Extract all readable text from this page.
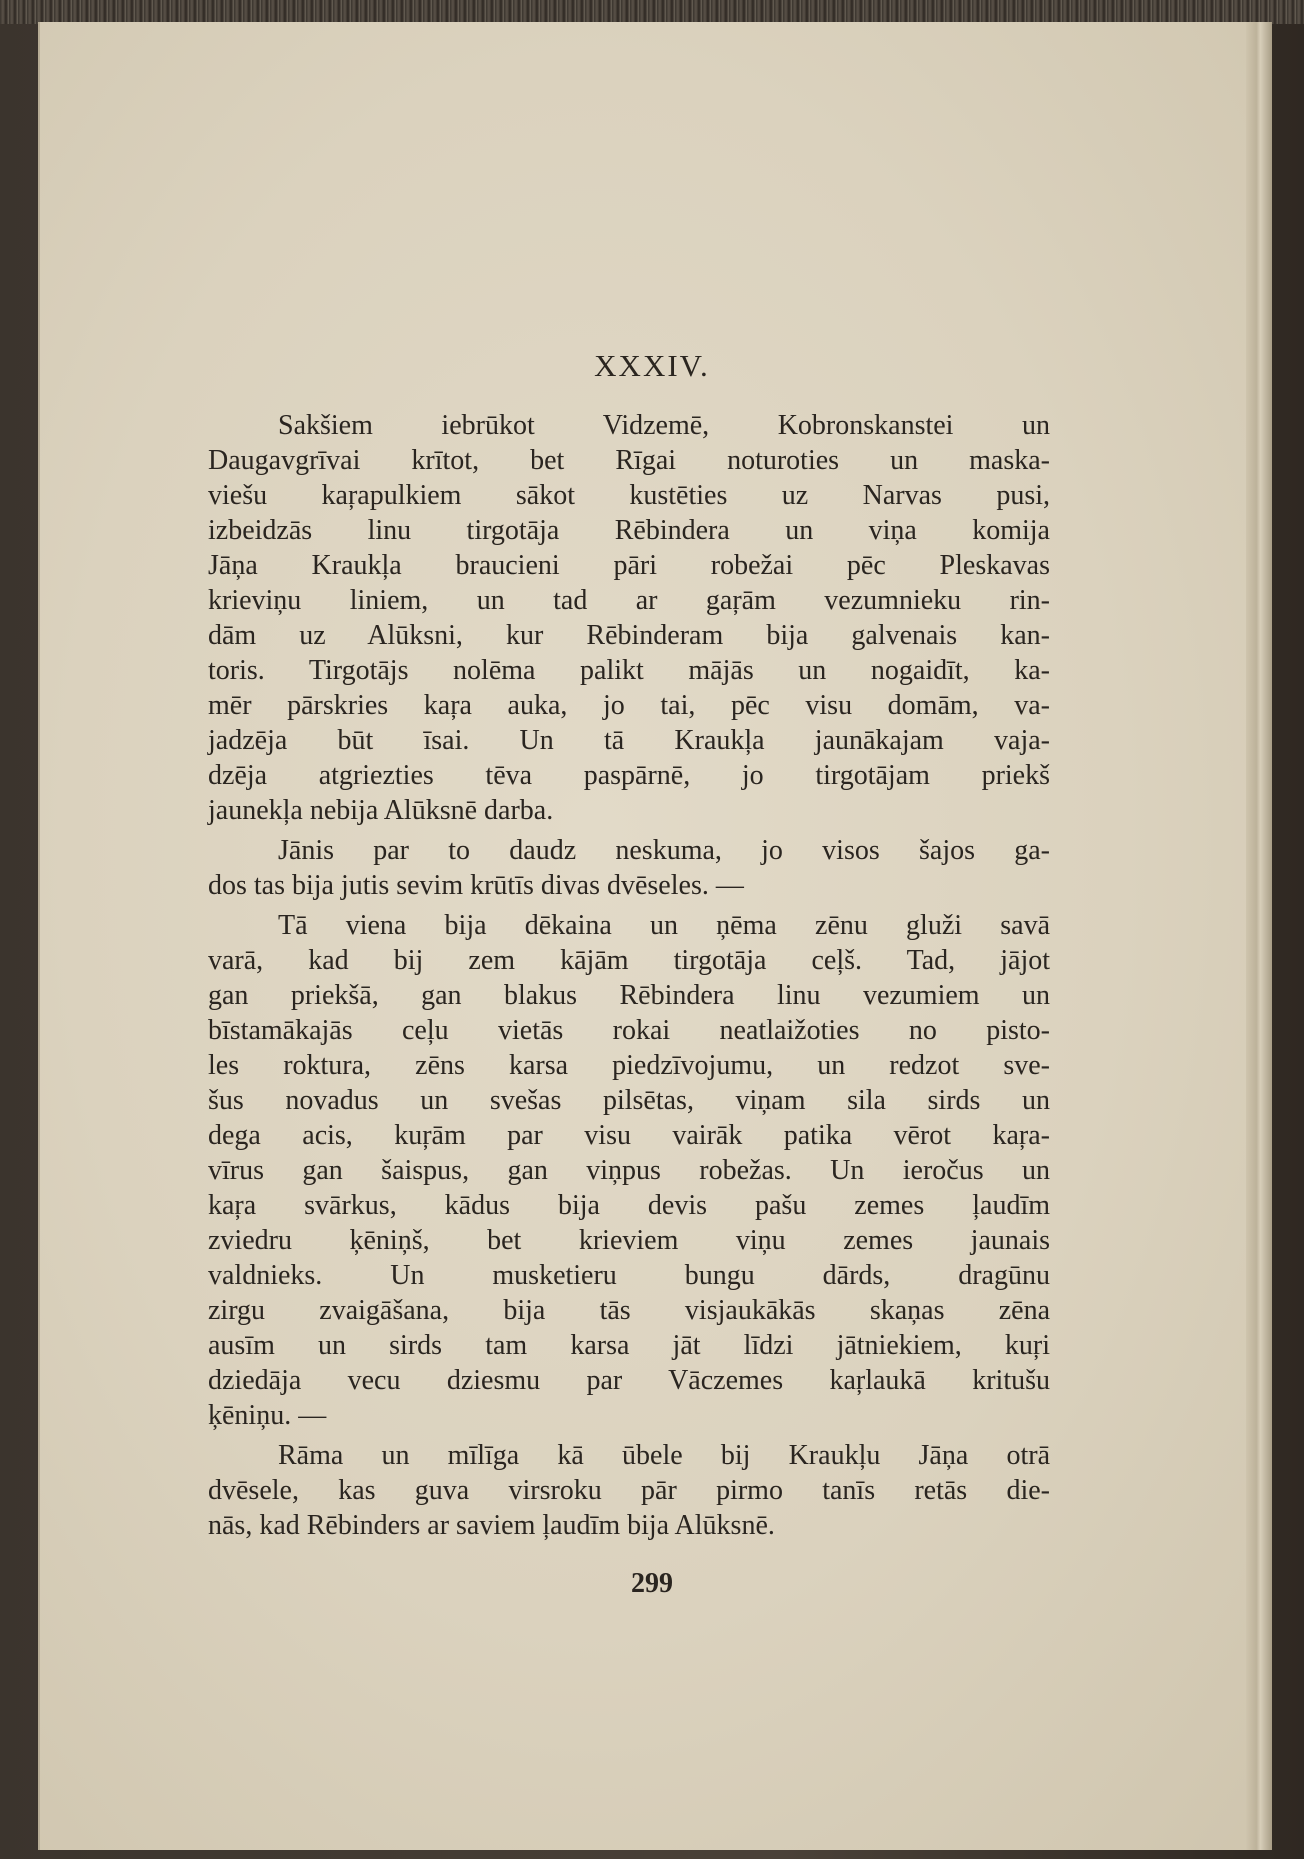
XXXIV.
Sakšiem iebrūkot Vidzemē, Kobronskanstei un
Daugavgrīvai krītot, bet Rīgai noturoties un maska-
viešu kaŗapulkiem sākot kustēties uz Narvas pusi,
izbeidzās linu tirgotāja Rēbindera un viņa komija
Jāņa Kraukļa braucieni pāri robežai pēc Pleskavas
krieviņu liniem, un tad ar gaŗām vezumnieku rin-
dām uz Alūksni, kur Rēbinderam bija galvenais kan-
toris. Tirgotājs nolēma palikt mājās un nogaidīt, ka-
mēr pārskries kaŗa auka, jo tai, pēc visu domām, va-
jadzēja būt īsai. Un tā Kraukļa jaunākajam vaja-
dzēja atgriezties tēva paspārnē, jo tirgotājam priekš
jaunekļa nebija Alūksnē darba.
Jānis par to daudz neskuma, jo visos šajos ga-
dos tas bija jutis sevim krūtīs divas dvēseles. —
Tā viena bija dēkaina un ņēma zēnu gluži savā
varā, kad bij zem kājām tirgotāja ceļš. Tad, jājot
gan priekšā, gan blakus Rēbindera linu vezumiem un
bīstamākajās ceļu vietās rokai neatlaižoties no pisto-
les roktura, zēns karsa piedzīvojumu, un redzot sve-
šus novadus un svešas pilsētas, viņam sila sirds un
dega acis, kuŗām par visu vairāk patika vērot kaŗa-
vīrus gan šaispus, gan viņpus robežas. Un ieročus un
kaŗa svārkus, kādus bija devis pašu zemes ļaudīm
zviedru ķēniņš, bet krieviem viņu zemes jaunais
valdnieks. Un musketieru bungu dārds, dragūnu
zirgu zvaigāšana, bija tās visjaukākās skaņas zēna
ausīm un sirds tam karsa jāt līdzi jātniekiem, kuŗi
dziedāja vecu dziesmu par Vāczemes kaŗlaukā kritušu
ķēniņu. —
Rāma un mīlīga kā ūbele bij Kraukļu Jāņa otrā
dvēsele, kas guva virsroku pār pirmo tanīs retās die-
nās, kad Rēbinders ar saviem ļaudīm bija Alūksnē.
299
